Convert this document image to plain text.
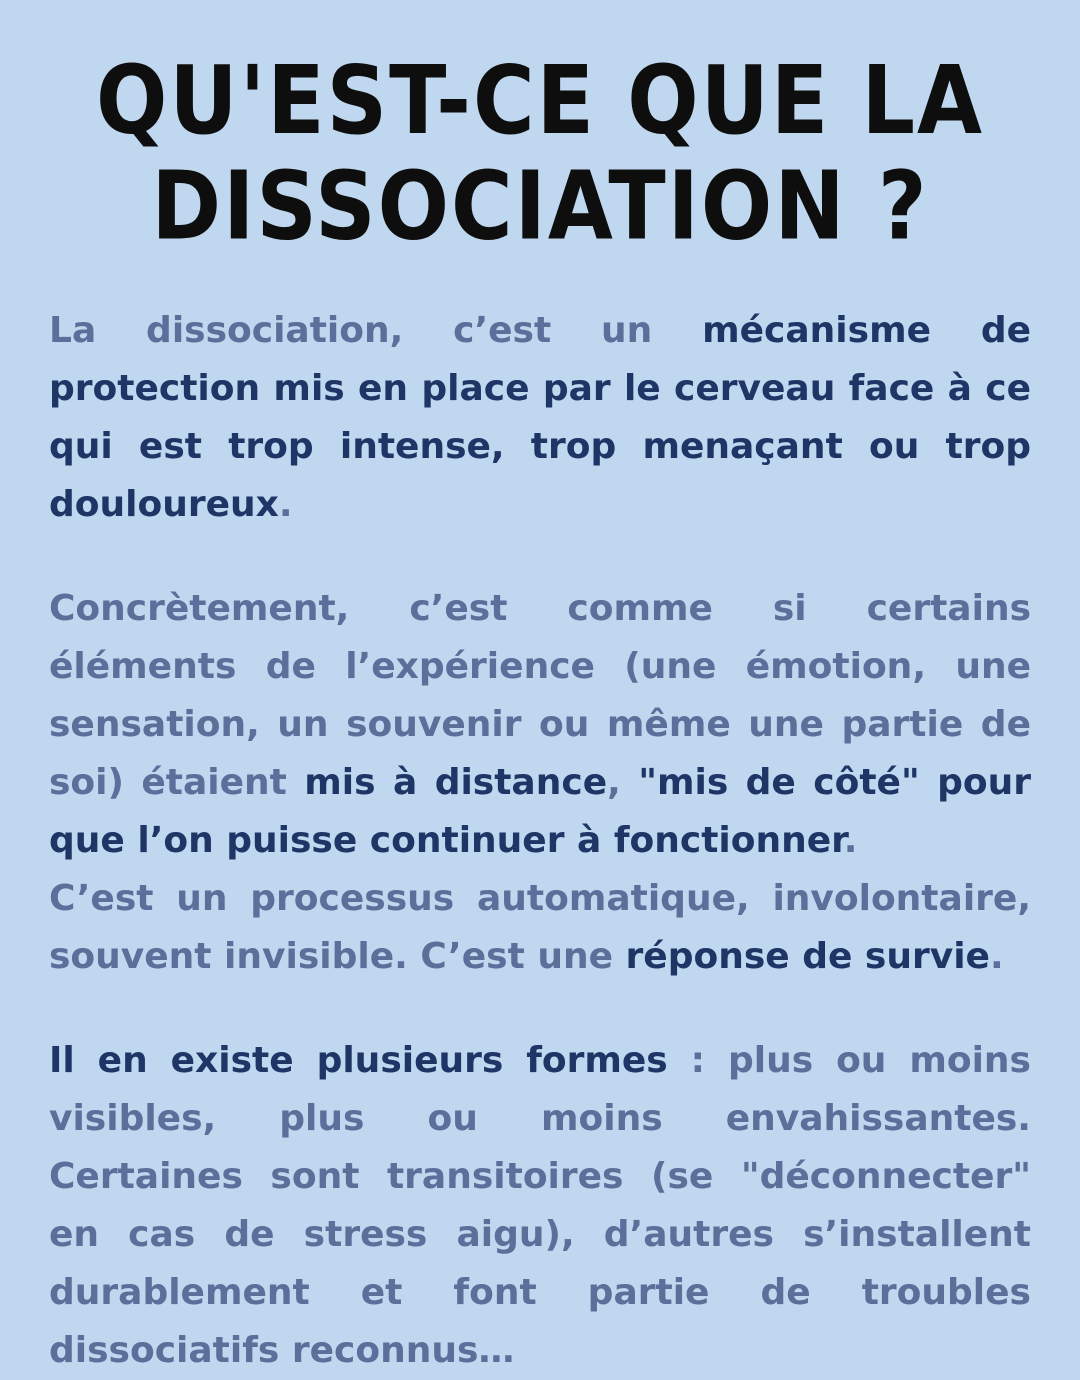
QU'EST-CE QUE LA
DISSOCIATION ?

La dissociation, c’est un mécanisme de protection mis en place par le cerveau face à ce qui est trop intense, trop menaçant ou trop douloureux.

Concrètement, c’est comme si certains éléments de l’expérience (une émotion, une sensation, un souvenir ou même une partie de soi) étaient mis à distance, "mis de côté" pour que l’on puisse continuer à fonctionner.
C’est un processus automatique, involontaire, souvent invisible. C’est une réponse de survie.

Il en existe plusieurs formes : plus ou moins visibles, plus ou moins envahissantes. Certaines sont transitoires (se "déconnecter" en cas de stress aigu), d’autres s’installent durablement et font partie de troubles dissociatifs reconnus…
